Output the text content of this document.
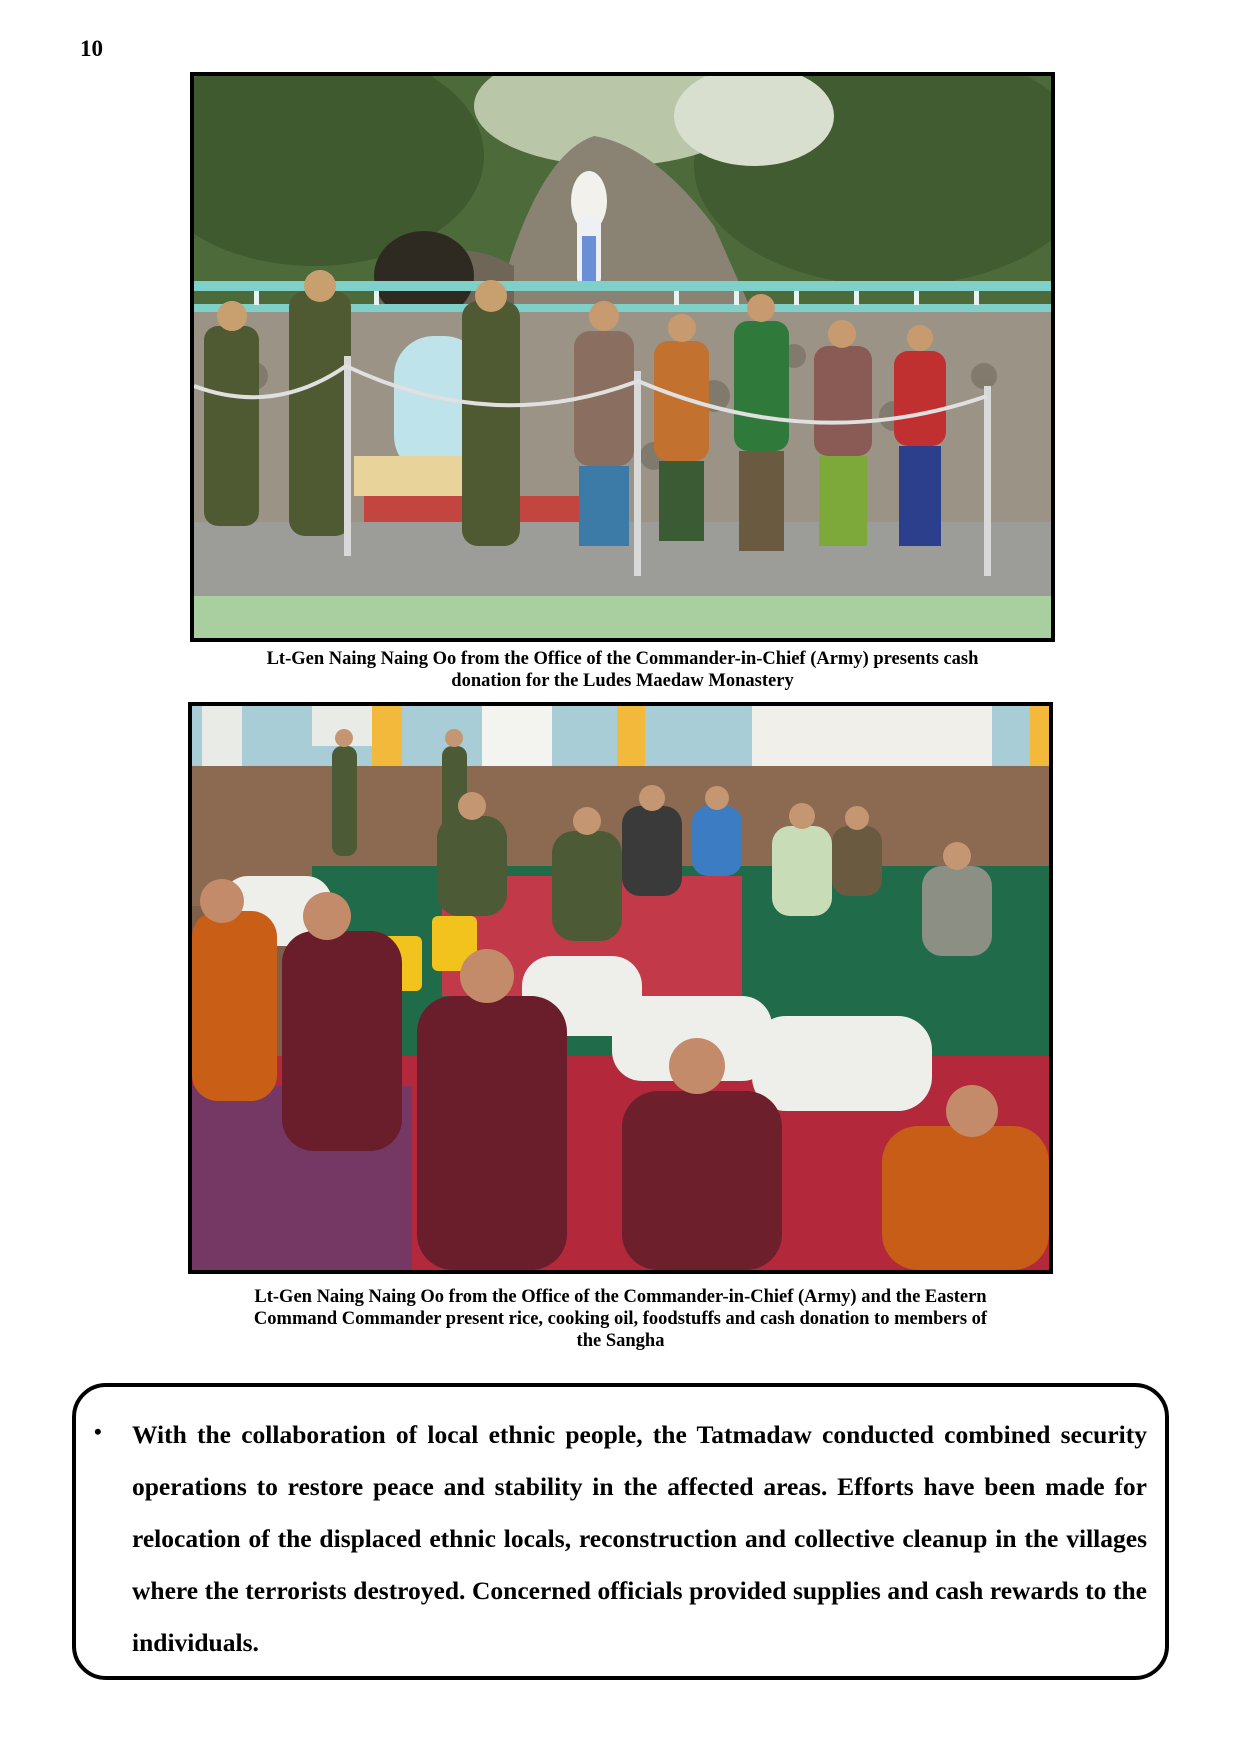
10
Lt-Gen Naing Naing Oo from the Office of the Commander-in-Chief (Army) presents cash
donation for the Ludes Maedaw Monastery
Lt-Gen Naing Naing Oo from the Office of the Commander-in-Chief (Army) and the Eastern
Command Commander present rice, cooking oil, foodstuffs and cash donation to members of
the Sangha
• With the collaboration of local ethnic people, the Tatmadaw conducted combined security operations to restore peace and stability in the affected areas. Efforts have been made for relocation of the displaced ethnic locals, reconstruction and collective cleanup in the villages where the terrorists destroyed. Concerned officials provided supplies and cash rewards to the individuals.
